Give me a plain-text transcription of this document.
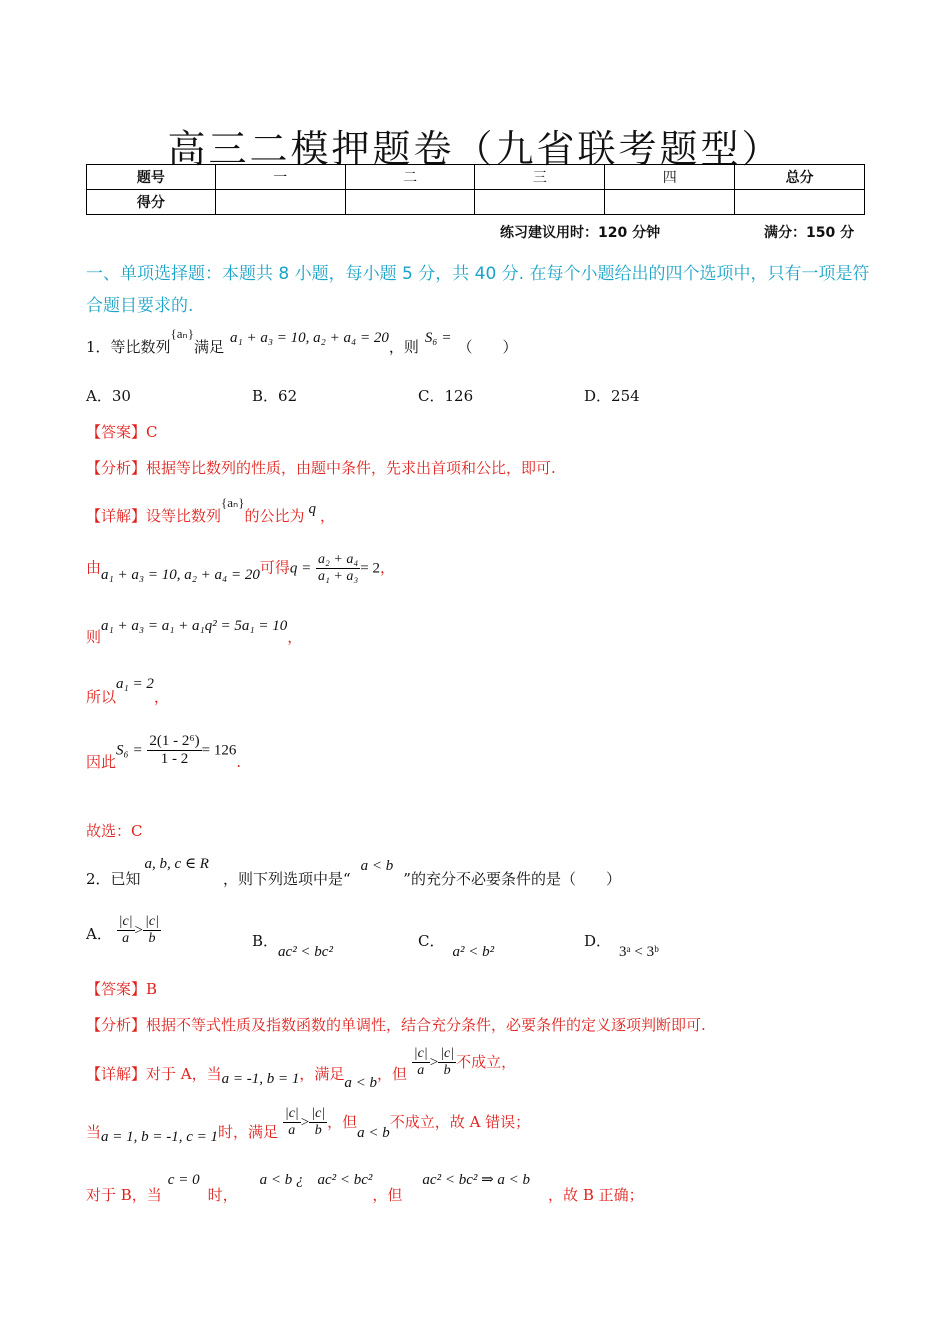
高三二模押题卷（九省联考题型）
题号	一	二	三	四	总分
得分					
练习建议用时：120 分钟	满分：150 分
一、单项选择题：本题共 8 小题，每小题 5 分，共 40 分. 在每个小题给出的四个选项中，只有一项是符合题目要求的.
1．等比数列{aₙ}满足 a₁ + a₃ = 10, a₂ + a₄ = 20，则 S₆ = （　　）
A．30	B．62	C．126	D．254
【答案】C
【分析】根据等比数列的性质，由题中条件，先求出首项和公比，即可.
【详解】设等比数列{aₙ}的公比为 q ，
由a₁ + a₃ = 10, a₂ + a₄ = 20可得$q = \frac{\text{a₂ + a₄}}{\text{a₁ + a₃}} = 2$，
则a₁ + a₃ = a₁ + a₁q² = 5a₁ = 10，
所以a₁ = 2，
因此$S_6 = \frac{\text{2(1 - 2⁶)}}{1 - 2} = 126$.
故选：C
2．已知a, b, c ∈ R，则下列选项中是“a < b”的充分不必要条件的是（　　）
A． $\frac{|c|}{a} > \frac{|c|}{b}$	B．ac² < bc²
C．a² < b²
D．3ᵃ < 3ᵇ
【答案】B
【分析】根据不等式性质及指数函数的单调性，结合充分条件，必要条件的定义逐项判断即可.
【详解】对于 A，当a = -1, b = 1，满足a < b，但 $\frac{|c|}{a} > \frac{|c|}{b}$ 不成立，
当a = 1, b = -1, c = 1时，满足 $\frac{|c|}{a} > \frac{|c|}{b}$ ，但a < b不成立，故 A 错误；
对于 B，当c = 0时，a < b ¿ ac² < bc²，但ac² < bc² ⇒ a < b，故 B 正确；
